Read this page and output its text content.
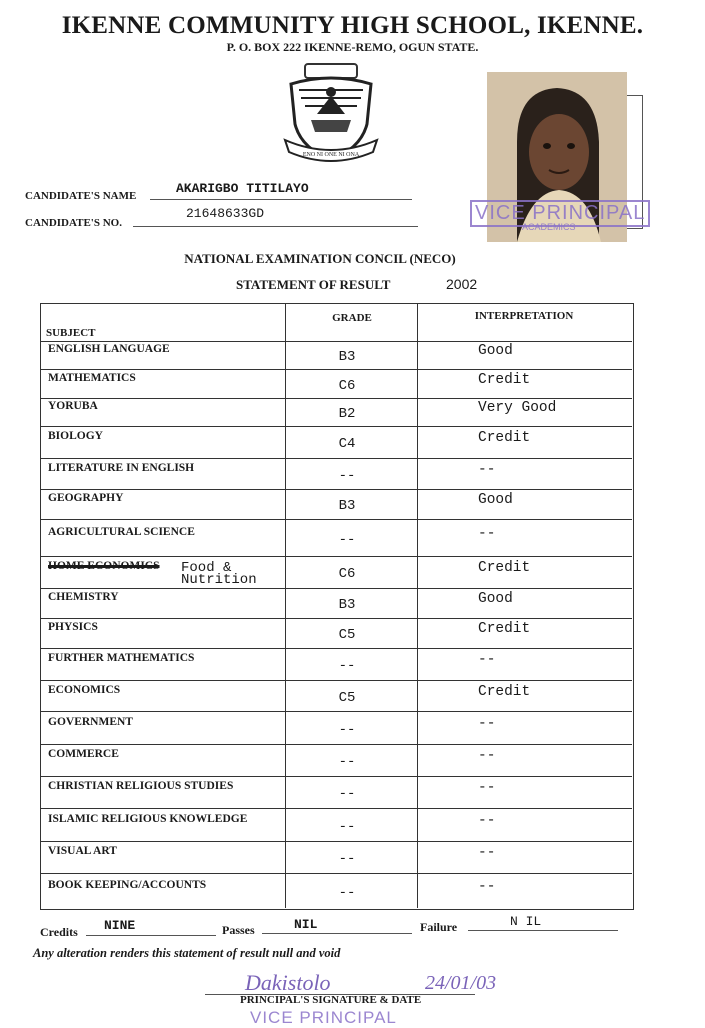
IKENNE COMMUNITY HIGH SCHOOL, IKENNE.
P. O. BOX 222 IKENNE-REMO, OGUN STATE.
ENO NI ONE NI ONA
CANDIDATE'S NAME	AKARIGBO TITILAYO
CANDIDATE'S NO.
21648633GD	VICE PRINCIPAL
ACADEMICS
NATIONAL EXAMINATION CONCIL (NECO)
STATEMENT OF RESULT	2002
SUBJECT
GRADE	INTERPRETATION
ENGLISH LANGUAGE	B3	Good
MATHEMATICS	C6	Credit
YORUBA	B2	Very Good
BIOLOGY	C4	Credit
LITERATURE IN ENGLISH	--	--
GEOGRAPHY	B3	Good
AGRICULTURAL SCIENCE	--	--
HOME ECONOMICS Food &
Nutrition	C6	Credit
CHEMISTRY	B3	Good
PHYSICS	C5	Credit
FURTHER MATHEMATICS	--	--
ECONOMICS	C5	Credit
GOVERNMENT	--	--
COMMERCE	--	--
CHRISTIAN RELIGIOUS STUDIES	--	--
ISLAMIC RELIGIOUS KNOWLEDGE	--	--
VISUAL ART	--	--
BOOK KEEPING/ACCOUNTS	--	--
Credits NINE	Passes	NIL	Failure	N IL
Any alteration renders this statement of result null and void
Dakistolo	24/01/03
PRINCIPAL'S SIGNATURE & DATE
VICE PRINCIPAL
